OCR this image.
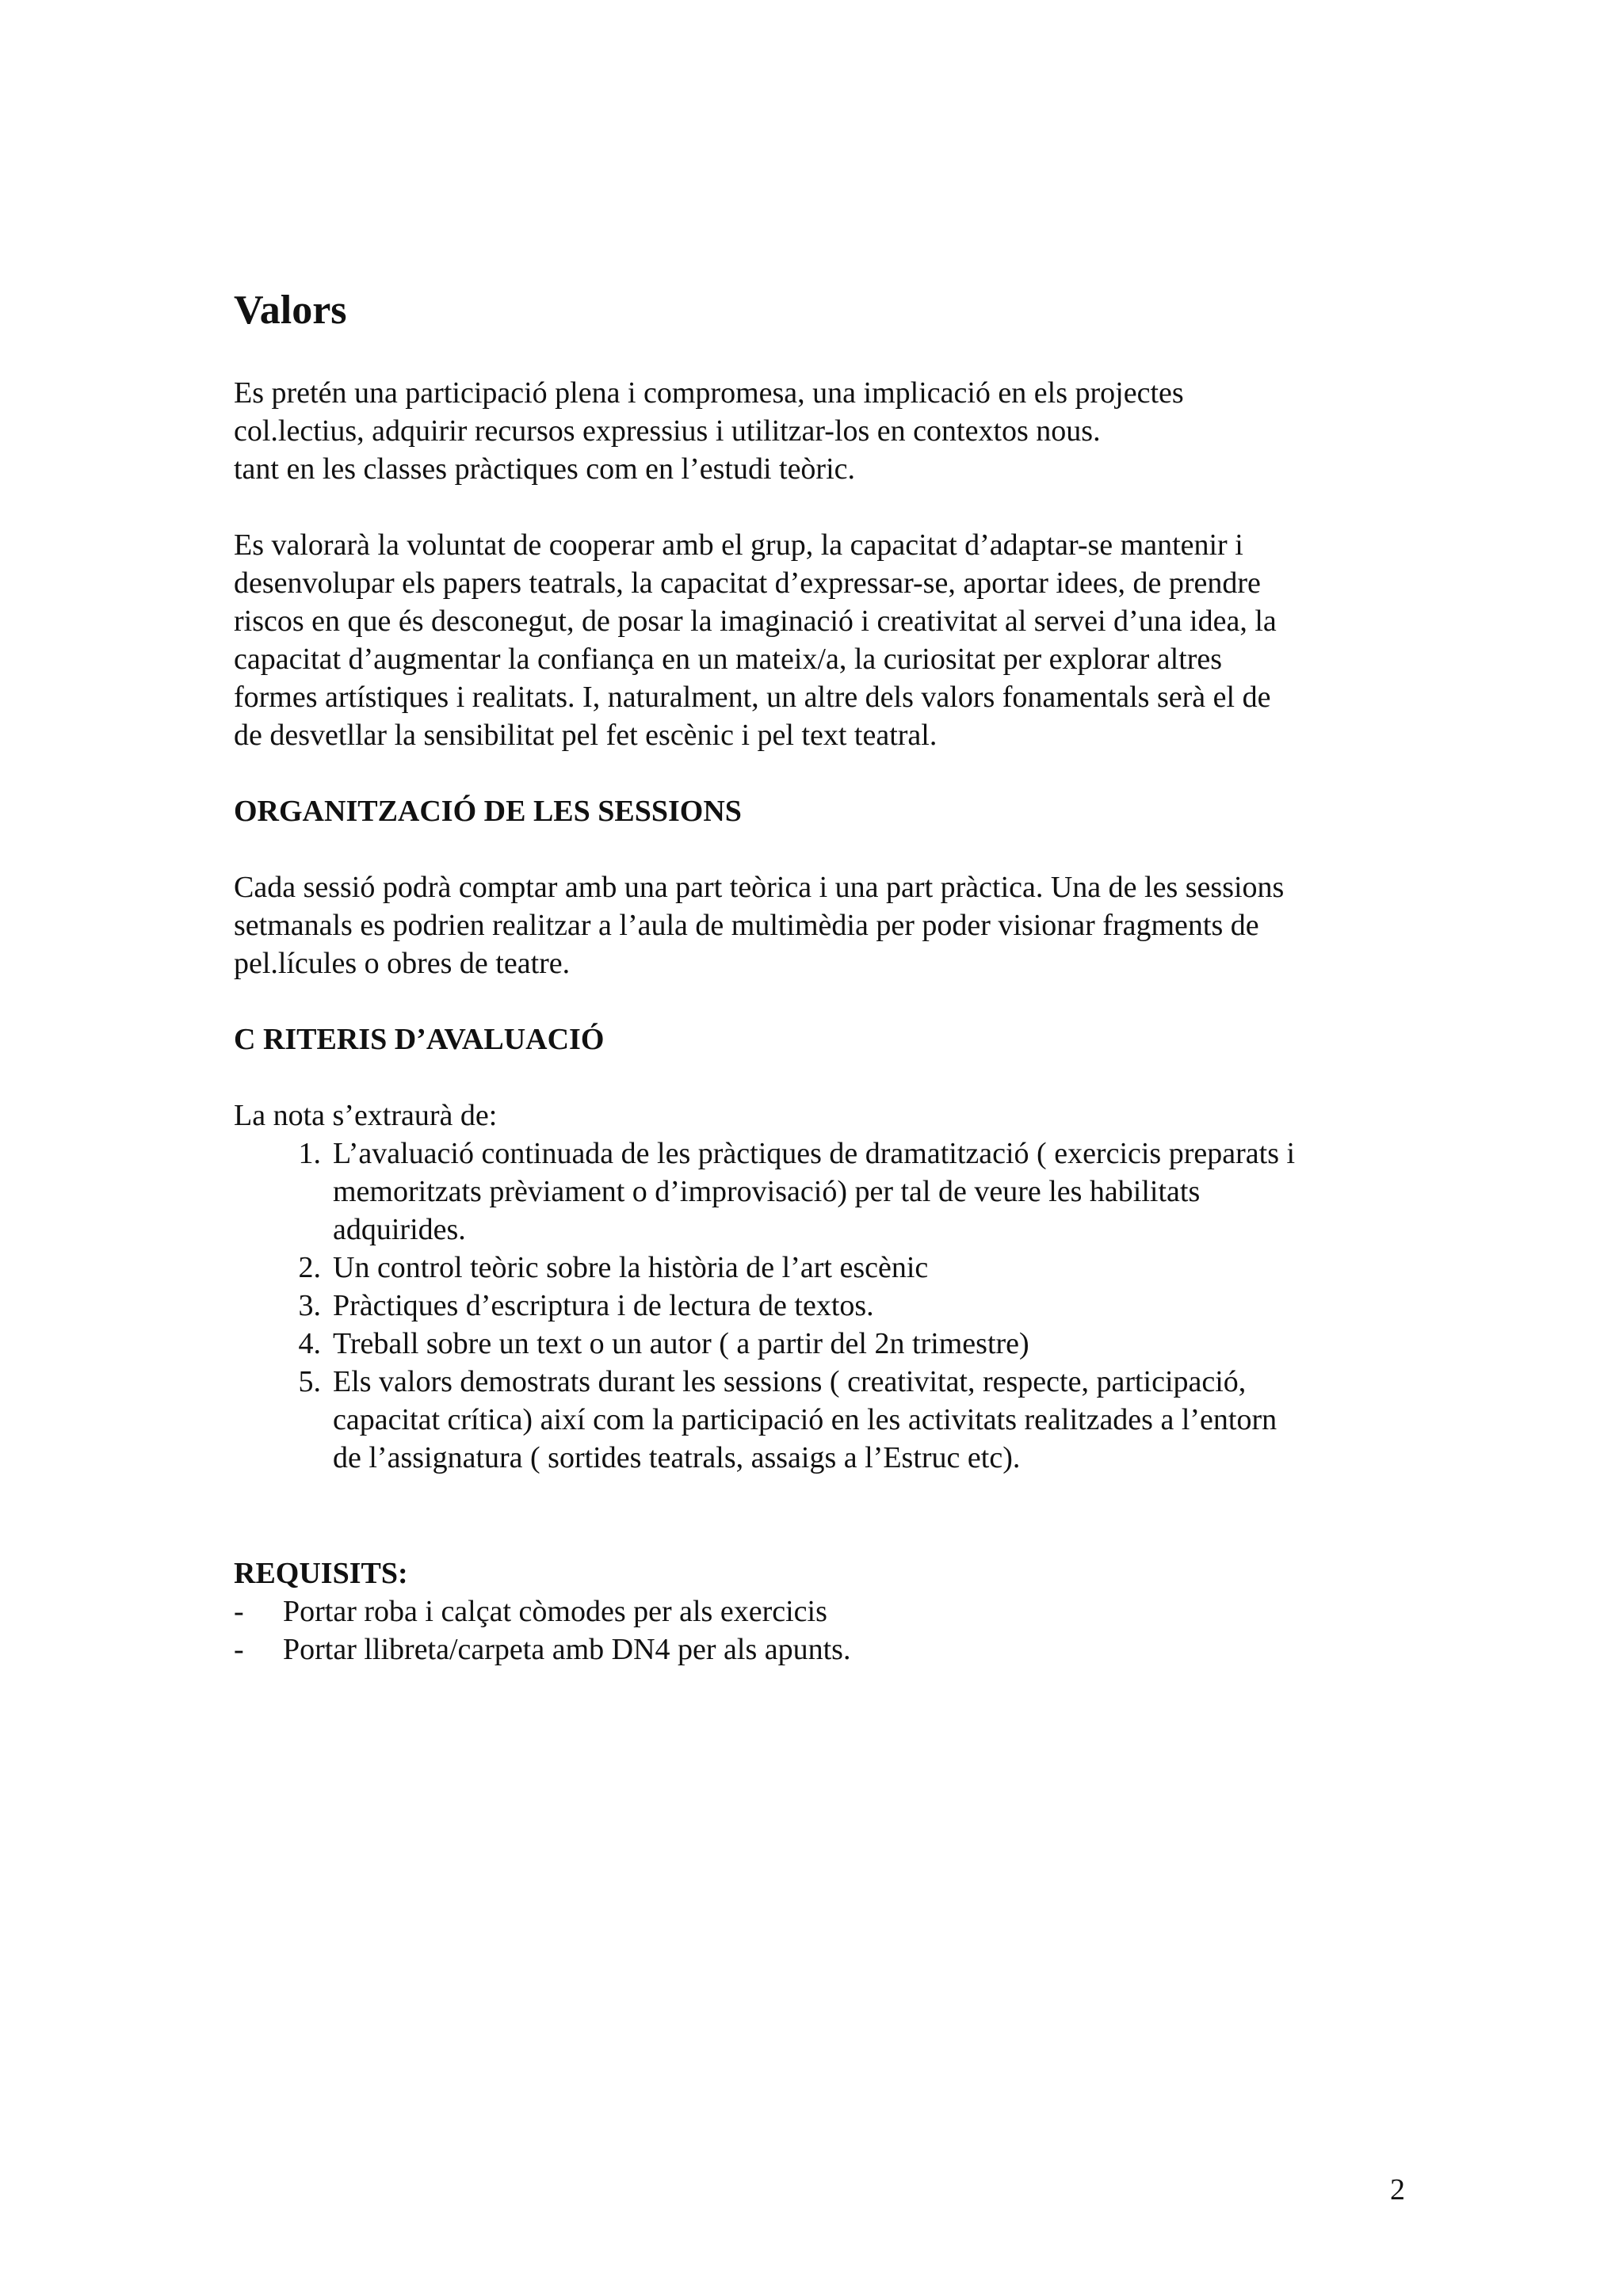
Valors

Es pretén una participació plena i compromesa, una implicació en els projectes
col.lectius, adquirir recursos expressius i utilitzar-los en contextos nous.
tant en les classes pràctiques com en l’estudi teòric.

Es valorarà la voluntat de cooperar amb el grup, la capacitat d’adaptar-se mantenir i
desenvolupar els papers teatrals, la capacitat d’expressar-se, aportar idees, de prendre
riscos en que és desconegut, de posar la imaginació i creativitat al servei d’una idea, la
capacitat d’augmentar la confiança en un mateix/a, la curiositat per explorar altres
formes artístiques i realitats. I, naturalment, un altre dels valors fonamentals serà el de
de desvetllar la sensibilitat pel fet escènic i pel text teatral.

ORGANITZACIÓ DE LES SESSIONS

Cada sessió podrà comptar amb una part teòrica i una part pràctica. Una de les sessions
setmanals es podrien realitzar a l’aula de multimèdia per poder visionar fragments de
pel.lícules o obres de teatre.

C RITERIS D’AVALUACIÓ

La nota s’extraurà de:

1. L’avaluació continuada de les pràctiques de dramatització ( exercicis preparats i
memoritzats prèviament o d’improvisació) per tal de veure les habilitats
adquirides.
2. Un control teòric sobre la història de l’art escènic
3. Pràctiques d’escriptura i de lectura de textos.
4. Treball sobre un text o un autor ( a partir del 2n trimestre)
5. Els valors demostrats durant les sessions ( creativitat, respecte, participació,
capacitat crítica) així com la participació en les activitats realitzades a l’entorn
de l’assignatura ( sortides teatrals, assaigs a l’Estruc etc).
REQUISITS:
- Portar roba i calçat còmodes per als exercicis
- Portar llibreta/carpeta amb DN4 per als apunts.
2
